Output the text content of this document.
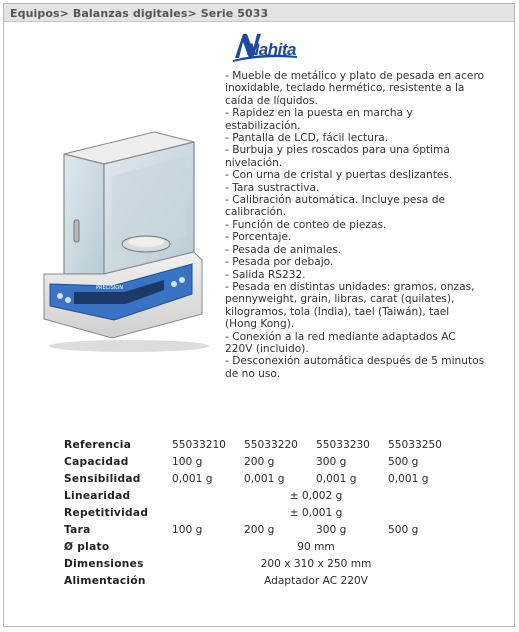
Equipos> Balanzas digitales> Serie 5033
Nahita
PRECISION
- Mueble de metálico y plato de pesada en acero
inoxidable, teclado hermético, resistente a la
caída de líquidos.
- Rapidez en la puesta en marcha y
estabilización.
- Pantalla de LCD, fácil lectura.
- Burbuja y pies roscados para una óptima
nivelación.
- Con urna de cristal y puertas deslizantes.
- Tara sustractiva.
- Calibración automática. Incluye pesa de
calibración.
- Función de conteo de piezas.
- Porcentaje.
- Pesada de animales.
- Pesada por debajo.
- Salida RS232.
- Pesada en distintas unidades: gramos, onzas,
pennyweight, grain, libras, carat (quilates),
kilogramos, tola (India), tael (Taiwán), tael
(Hong Kong).
- Conexión a la red mediante adaptados AC
220V (incluido).
- Desconexión automática después de 5 minutos
de no uso.
Referencia	55033210	55033220	55033230	55033250
Capacidad	100 g	200 g	300 g	500 g
Sensibilidad	0,001 g	0,001 g	0,001 g	0,001 g
Linearidad	± 0,002 g			
Repetitividad	± 0,001 g			
Tara	100 g	200 g	300 g	500 g
Ø plato	90 mm			
Dimensiones	200 x 310 x 250 mm			
Alimentación	Adaptador AC 220V			
